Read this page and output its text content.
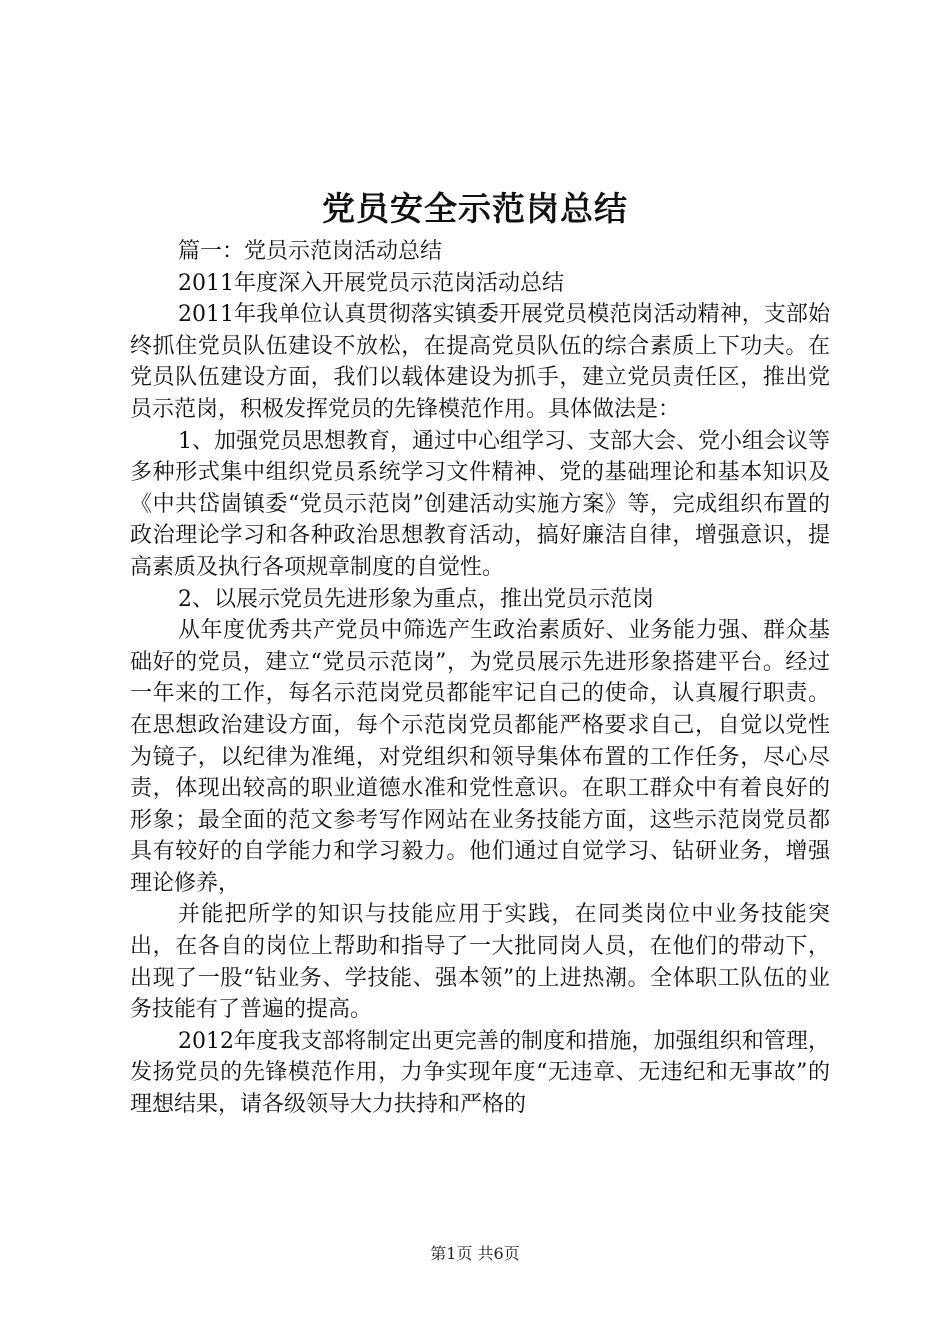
党员安全示范岗总结

篇一：党员示范岗活动总结

2011年度深入开展党员示范岗活动总结

2011年我单位认真贯彻落实镇委开展党员模范岗活动精神，支部始终抓住党员队伍建设不放松，在提高党员队伍的综合素质上下功夫。在党员队伍建设方面，我们以载体建设为抓手，建立党员责任区，推出党员示范岗，积极发挥党员的先锋模范作用。具体做法是：

1、加强党员思想教育，通过中心组学习、支部大会、党小组会议等多种形式集中组织党员系统学习文件精神、党的基础理论和基本知识及《中共岱崮镇委“党员示范岗”创建活动实施方案》等，完成组织布置的政治理论学习和各种政治思想教育活动，搞好廉洁自律，增强意识，提高素质及执行各项规章制度的自觉性。

2、以展示党员先进形象为重点，推出党员示范岗

从年度优秀共产党员中筛选产生政治素质好、业务能力强、群众基础好的党员，建立“党员示范岗”，为党员展示先进形象搭建平台。经过一年来的工作，每名示范岗党员都能牢记自己的使命，认真履行职责。在思想政治建设方面，每个示范岗党员都能严格要求自己，自觉以党性为镜子，以纪律为准绳，对党组织和领导集体布置的工作任务，尽心尽责，体现出较高的职业道德水准和党性意识。在职工群众中有着良好的形象；最全面的范文参考写作网站在业务技能方面，这些示范岗党员都具有较好的自学能力和学习毅力。他们通过自觉学习、钻研业务，增强理论修养，

并能把所学的知识与技能应用于实践，在同类岗位中业务技能突出，在各自的岗位上帮助和指导了一大批同岗人员，在他们的带动下，出现了一股“钻业务、学技能、强本领”的上进热潮。全体职工队伍的业务技能有了普遍的提高。

2012年度我支部将制定出更完善的制度和措施，加强组织和管理，发扬党员的先锋模范作用，力争实现年度“无违章、无违纪和无事故”的理想结果，请各级领导大力扶持和严格的

第1页 共6页
